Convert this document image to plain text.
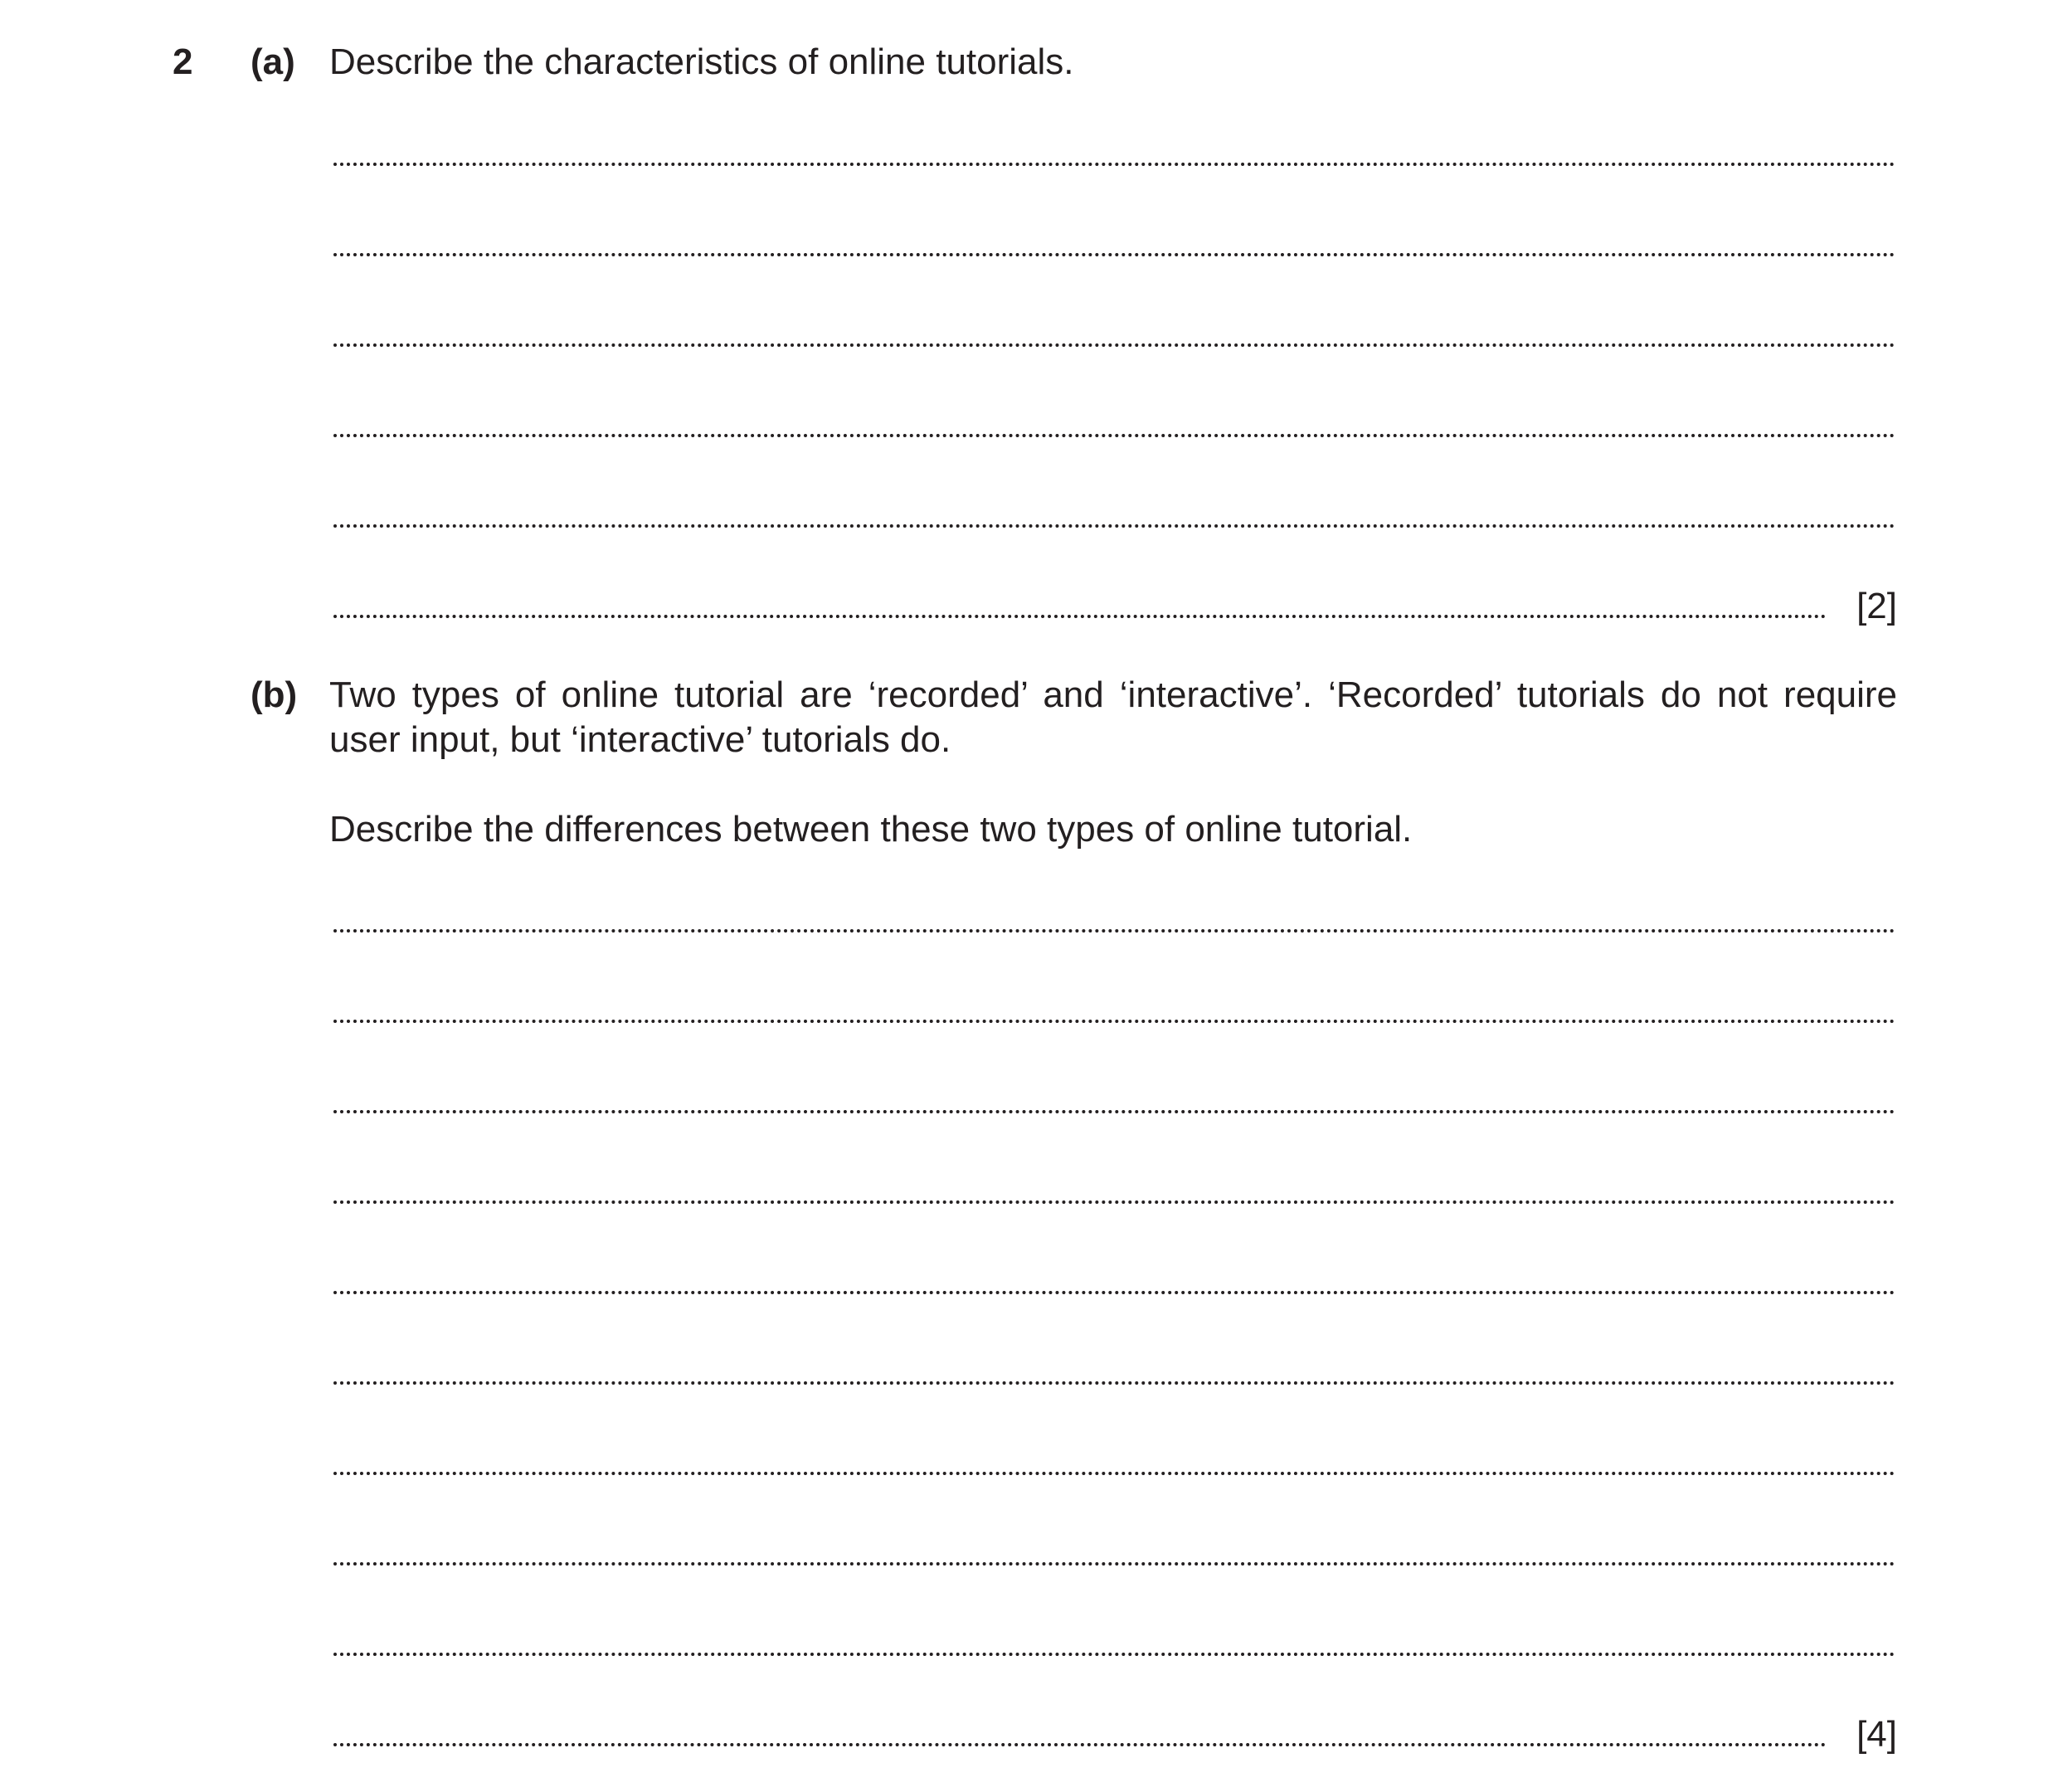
2 (a) Describe the characteristics of online tutorials.
[2]
(b) Two types of online tutorial are ‘recorded’ and ‘interactive’. ‘Recorded’ tutorials do not require user input, but ‘interactive’ tutorials do.
Describe the differences between these two types of online tutorial.
[4]
